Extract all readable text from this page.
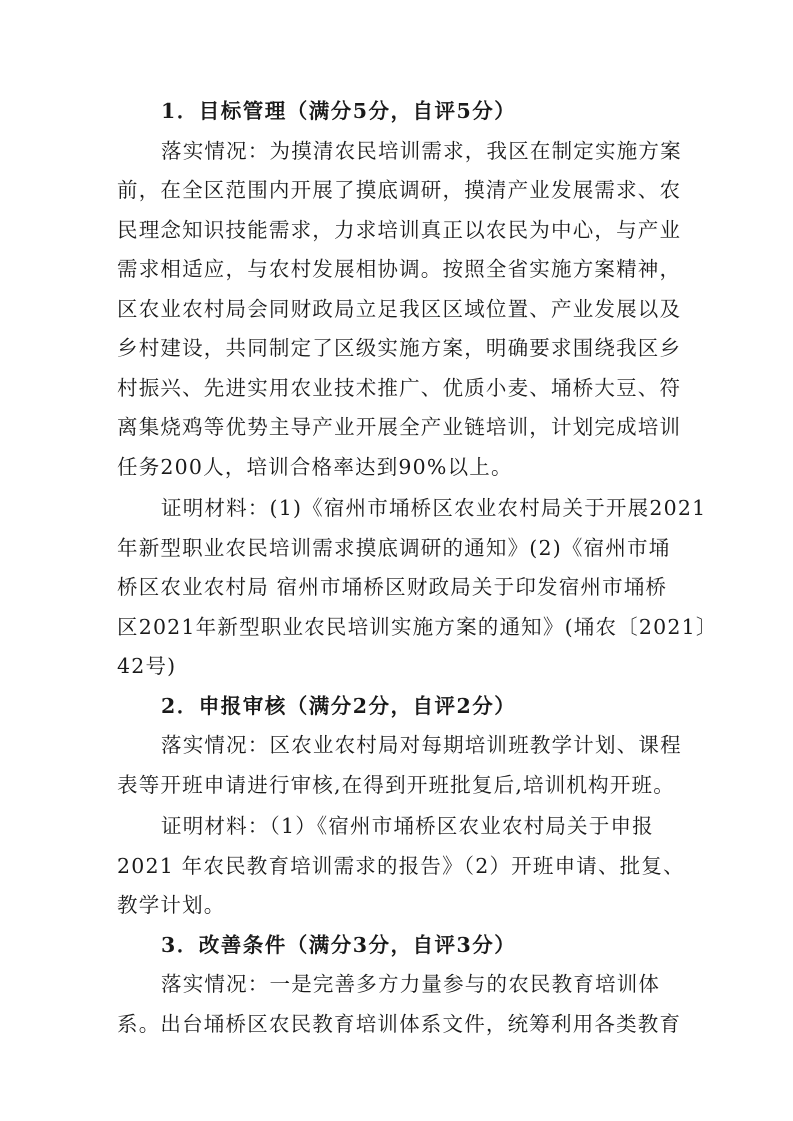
1．目标管理（满分5分，自评5分）
落实情况：为摸清农民培训需求，我区在制定实施方案
前，在全区范围内开展了摸底调研，摸清产业发展需求、农
民理念知识技能需求，力求培训真正以农民为中心，与产业
需求相适应，与农村发展相协调。按照全省实施方案精神，
区农业农村局会同财政局立足我区区域位置、产业发展以及
乡村建设，共同制定了区级实施方案，明确要求围绕我区乡
村振兴、先进实用农业技术推广、优质小麦、埇桥大豆、符
离集烧鸡等优势主导产业开展全产业链培训，计划完成培训
任务200人，培训合格率达到90%以上。
证明材料：(1)《宿州市埇桥区农业农村局关于开展2021
年新型职业农民培训需求摸底调研的通知》(2)《宿州市埇
桥区农业农村局 宿州市埇桥区财政局关于印发宿州市埇桥
区2021年新型职业农民培训实施方案的通知》(埇农〔2021〕
42号)
2．申报审核（满分2分，自评2分）
落实情况：区农业农村局对每期培训班教学计划、课程
表等开班申请进行审核,在得到开班批复后,培训机构开班。
证明材料：（1）《宿州市埇桥区农业农村局关于申报
2021 年农民教育培训需求的报告》（2）开班申请、批复、
教学计划。
3．改善条件（满分3分，自评3分）
落实情况：一是完善多方力量参与的农民教育培训体
系。出台埇桥区农民教育培训体系文件，统筹利用各类教育
